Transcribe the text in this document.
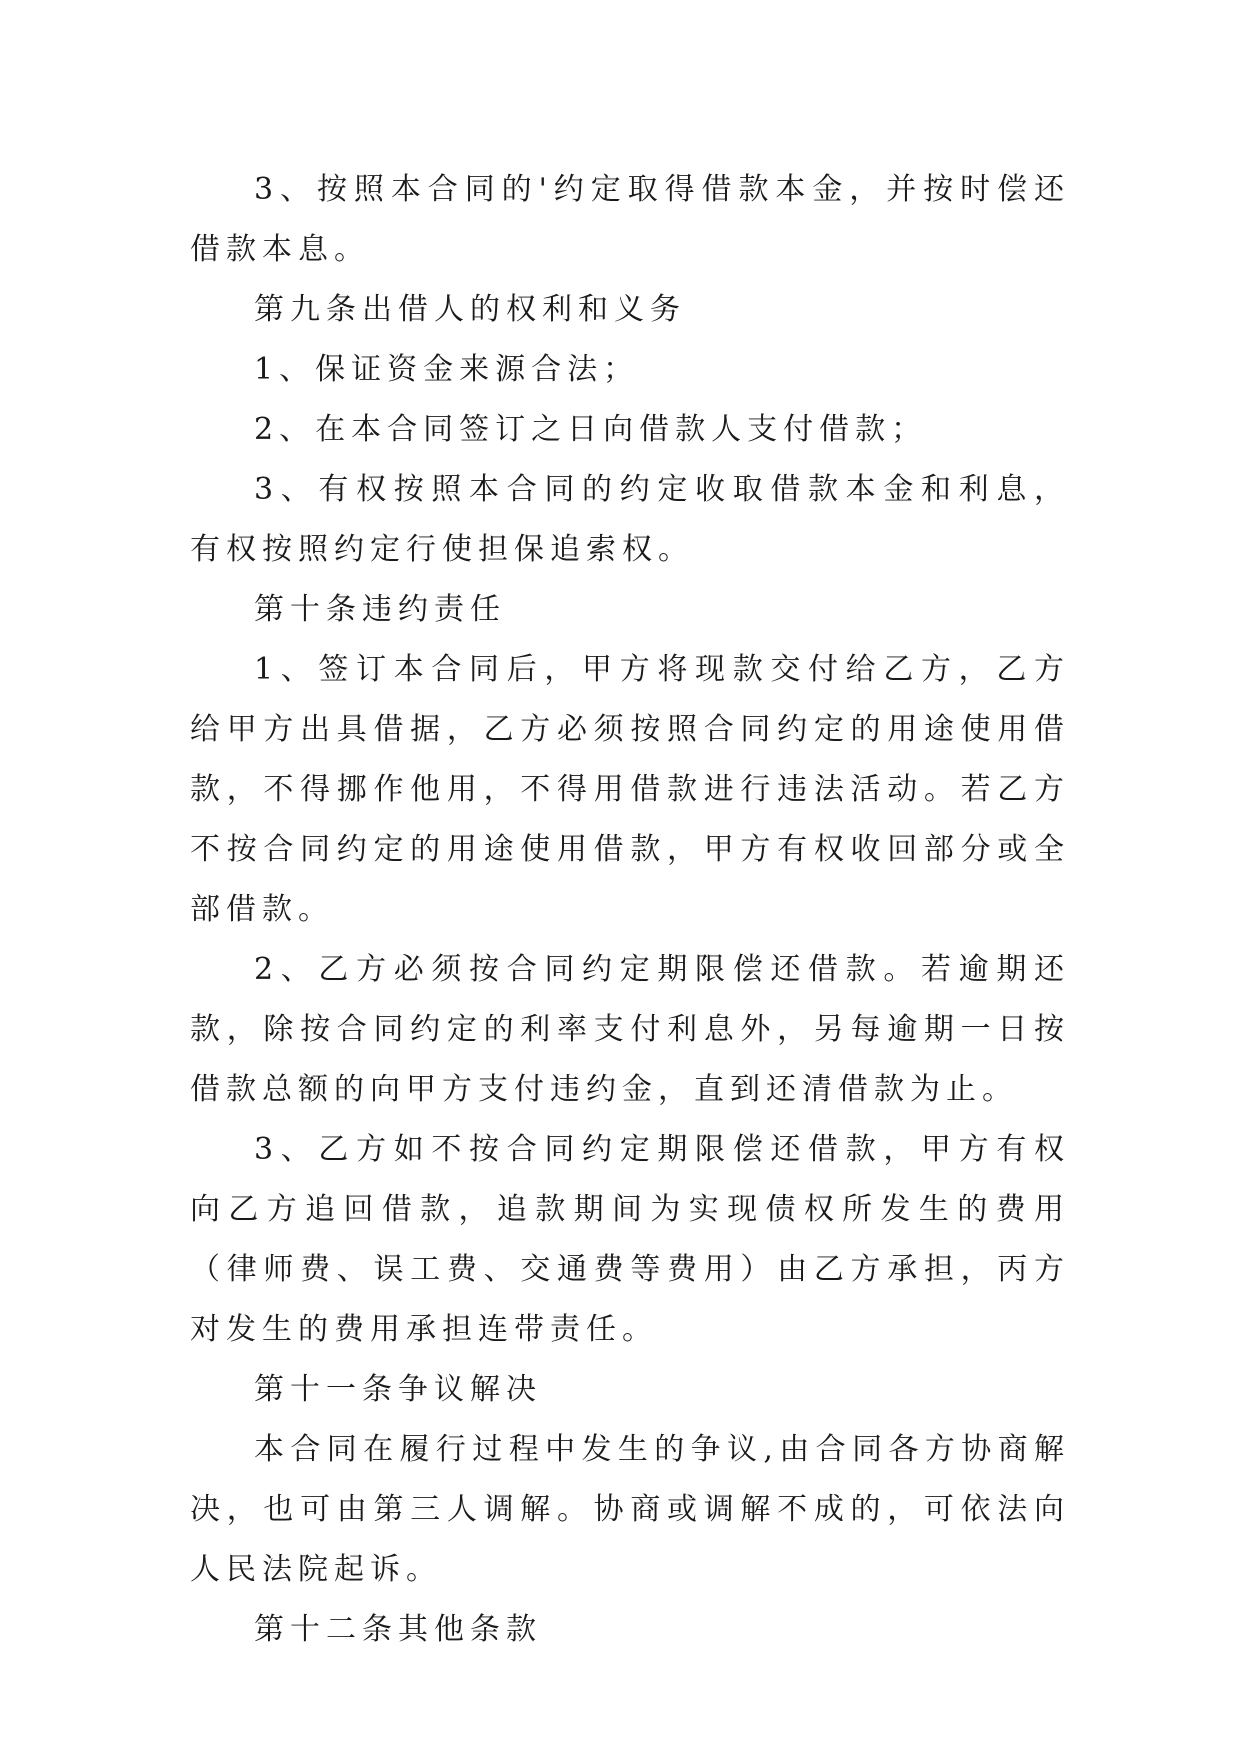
3、按照本合同的'约定取得借款本金，并按时偿还借款本息。

第九条出借人的权利和义务

1、保证资金来源合法；

2、在本合同签订之日向借款人支付借款；

3、有权按照本合同的约定收取借款本金和利息，有权按照约定行使担保追索权。

第十条违约责任

1、签订本合同后，甲方将现款交付给乙方，乙方给甲方出具借据，乙方必须按照合同约定的用途使用借款，不得挪作他用，不得用借款进行违法活动。若乙方不按合同约定的用途使用借款，甲方有权收回部分或全部借款。

2、乙方必须按合同约定期限偿还借款。若逾期还款，除按合同约定的利率支付利息外，另每逾期一日按借款总额的向甲方支付违约金，直到还清借款为止。

3、乙方如不按合同约定期限偿还借款，甲方有权向乙方追回借款，追款期间为实现债权所发生的费用（律师费、误工费、交通费等费用）由乙方承担，丙方对发生的费用承担连带责任。

第十一条争议解决

本合同在履行过程中发生的争议,由合同各方协商解决，也可由第三人调解。协商或调解不成的，可依法向人民法院起诉。

第十二条其他条款
